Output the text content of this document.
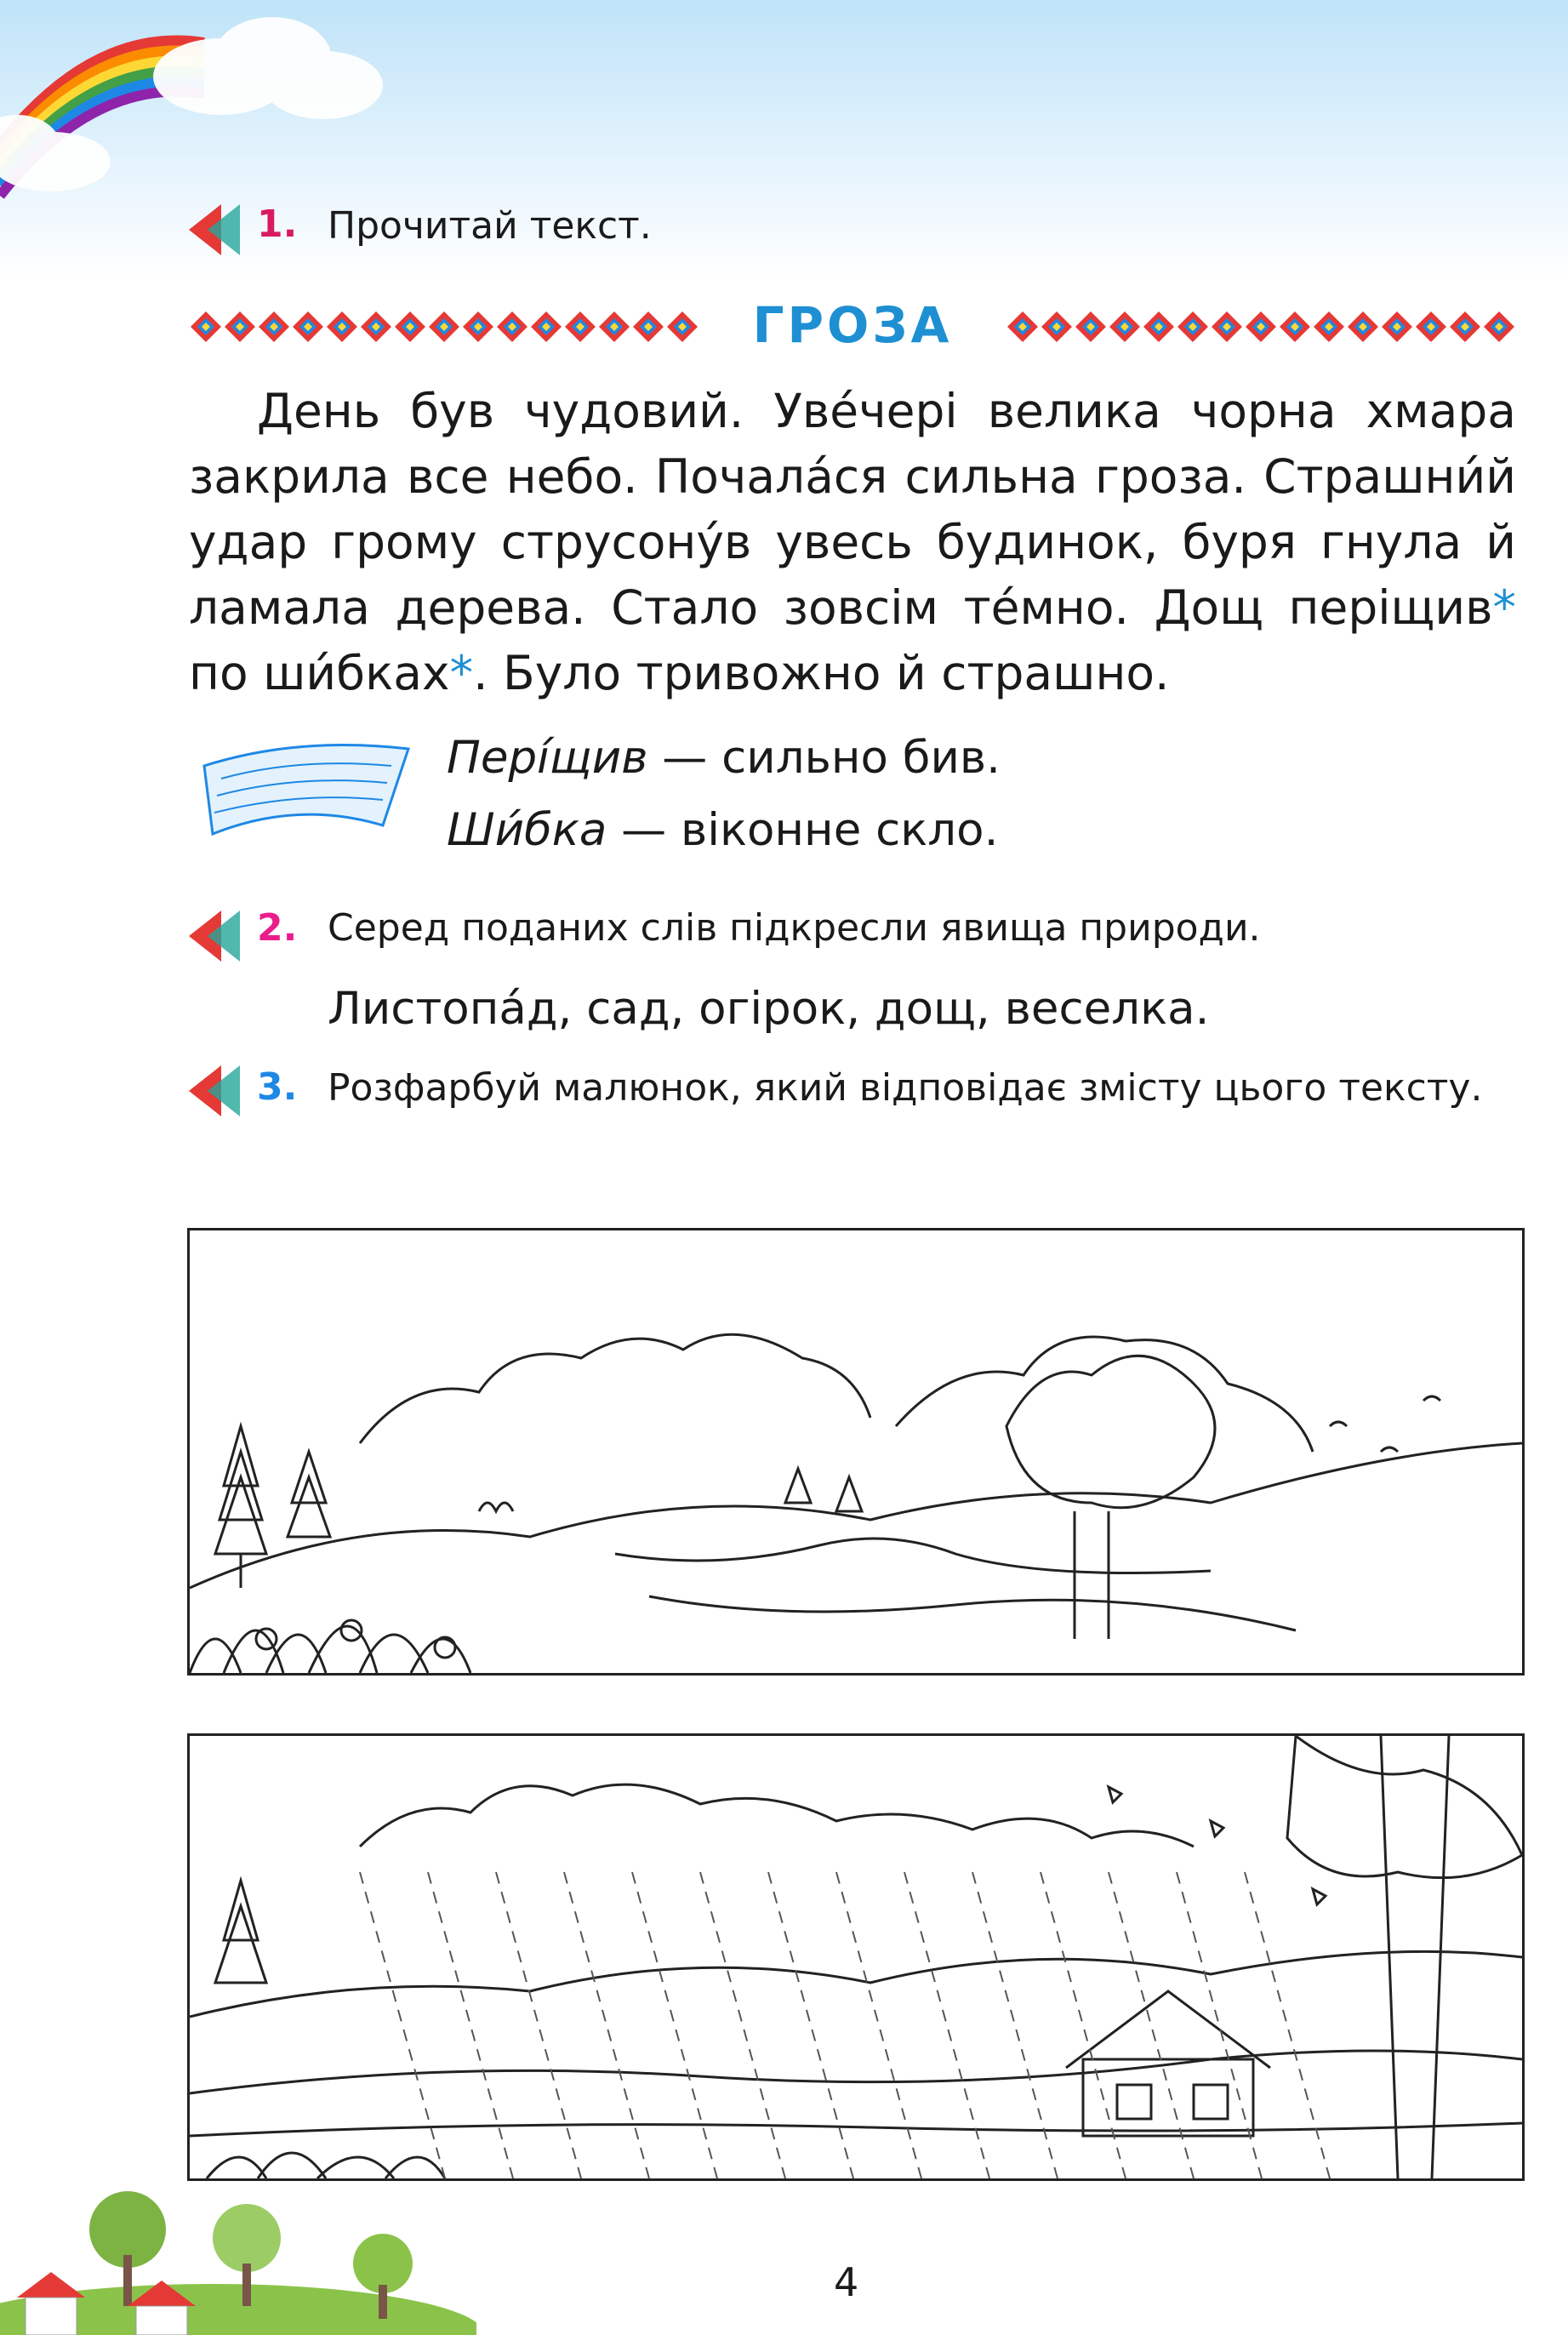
1. Прочитай текст.
ГРОЗА

День був чудовий. Уве́чері велика чорна хмара закрила все небо. Почала́ся сильна гроза. Страшни́й удар грому струсону́в увесь будинок, буря гнула й ламала дерева. Стало зовсім те́мно. Дощ періщив* по ши́бках*. Було тривожно й страшно.

Пері́щив — сильно бив.
Ши́бка — віконне скло.
2. Серед поданих слів підкресли явища природи.
Листопа́д, сад, огірок, дощ, веселка.
3. Розфарбуй малюнок, який відповідає змісту цього тексту.
4
